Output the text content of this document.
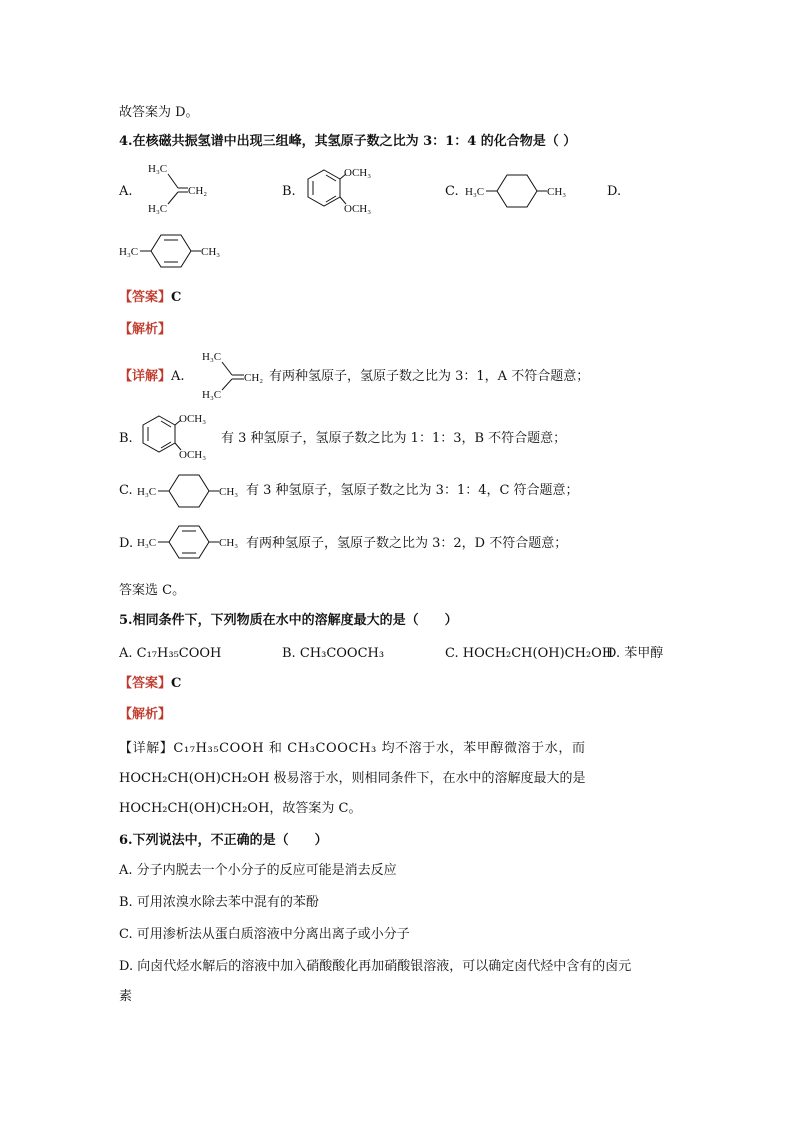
故答案为 D。
4.在核磁共振氢谱中出现三组峰，其氢原子数之比为 3：1：4 的化合物是（ ）
A.
H₃C
H₃C
CH₂	B.
OCH₃
OCH₃
C. H₃C	CH₃	D.
H₃C	CH₃
【答案】C
【解析】
【详解】A.
H₃C
H₃C
CH₂ 有两种氢原子，氢原子数之比为 3：1，A 不符合题意；
B.
OCH₃
OCH₃
有 3 种氢原子，氢原子数之比为 1：1：3，B 不符合题意；
C. H₃C	CH₃ 有 3 种氢原子，氢原子数之比为 3：1：4，C 符合题意；
D. H₃C	CH₃ 有两种氢原子，氢原子数之比为 3：2，D 不符合题意；
答案选 C。
5.相同条件下，下列物质在水中的溶解度最大的是（　　）
A. C₁₇H₃₅COOH	B. CH₃COOCH₃	C. HOCH₂CH(OH)CH₂OH
D. 苯甲醇
【答案】C
【解析】
【详解】C₁₇H₃₅COOH 和 CH₃COOCH₃ 均不溶于水，苯甲醇微溶于水，而
HOCH₂CH(OH)CH₂OH 极易溶于水，则相同条件下，在水中的溶解度最大的是
HOCH₂CH(OH)CH₂OH，故答案为 C。
6.下列说法中，不正确的是（　　）
A. 分子内脱去一个小分子的反应可能是消去反应
B. 可用浓溴水除去苯中混有的苯酚
C. 可用渗析法从蛋白质溶液中分离出离子或小分子
D. 向卤代烃水解后的溶液中加入硝酸酸化再加硝酸银溶液，可以确定卤代烃中含有的卤元
素
